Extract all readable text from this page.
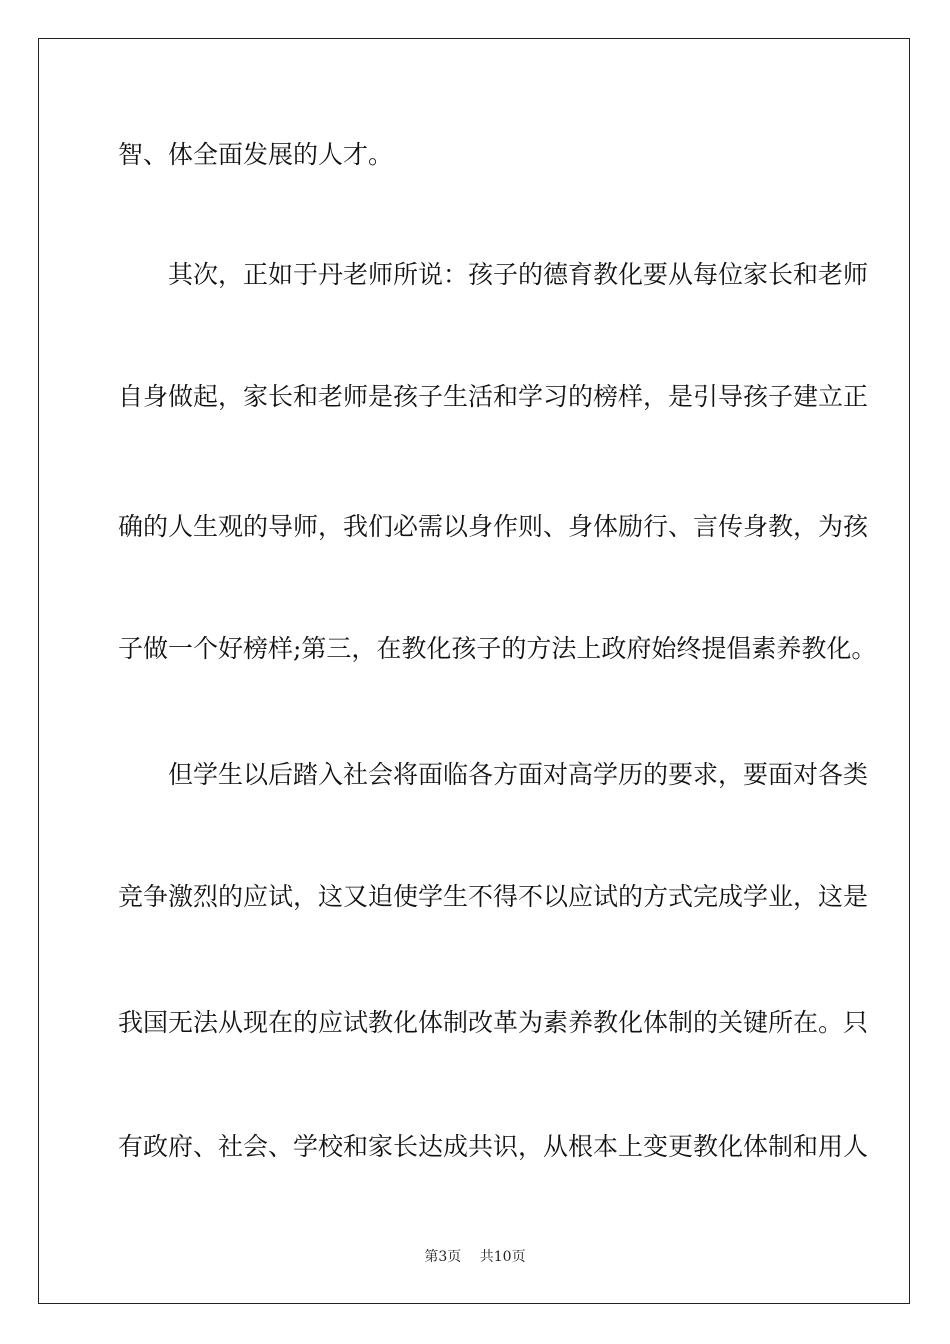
智、体全面发展的人才。
其次，正如于丹老师所说：孩子的德育教化要从每位家长和老师
自身做起，家长和老师是孩子生活和学习的榜样，是引导孩子建立正
确的人生观的导师，我们必需以身作则、身体励行、言传身教，为孩
子做一个好榜样;第三，在教化孩子的方法上政府始终提倡素养教化。
但学生以后踏入社会将面临各方面对高学历的要求，要面对各类
竞争激烈的应试，这又迫使学生不得不以应试的方式完成学业，这是
我国无法从现在的应试教化体制改革为素养教化体制的关键所在。只
有政府、社会、学校和家长达成共识，从根本上变更教化体制和用人
第3页 共10页
